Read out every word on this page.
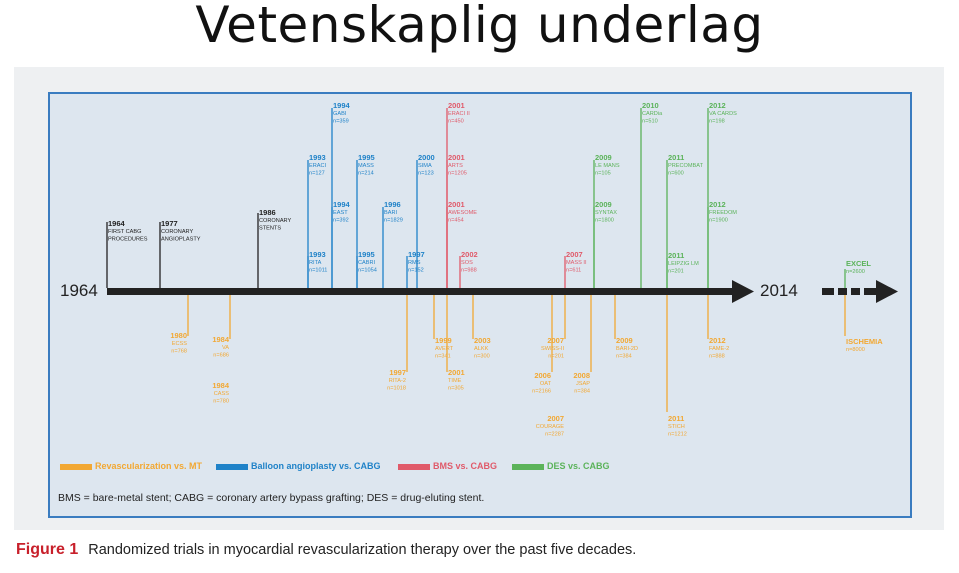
Vetenskaplig underlag
1964
FIRST CABG
PROCEDURES
1977
CORONARY
ANGIOPLASTY
1986
CORONARY
STENTS
1993
ERACI
n=127
1993
RITA
n=1011
1994
GABI
n=359
1994
EAST
n=392
1995
MASS
n=214
1995
CABRI
n=1054
1996
BARI
n=1829
1997
RMS
n=152
2000
SIMA
n=123
2001
ERACI II
n=450
2001
ARTS
n=1205
2001
AWESOME
n=454
2002
SOS
n=988
2007
MASS II
n=611
2009
LE MANS
n=105
2009
SYNTAX
n=1800
2010
CARDia
n=510
2011
PRECOMBAT
n=600
2011
LEIPZIG LM
n=201
2012
VA CARDS
n=198
2012
FREEDOM
n=1900
EXCEL
n=2600
1980
ECSS
n=768
1984
VA
n=686
1984
CASS
n=780
1997
RITA-2
n=1018
1999
AVERT
n=341
2001
TIME
n=305
2003
ALKK
n=300
2007
SWISS-II
n=201
2006
OAT
n=2166
2007
COURAGE
n=2287
2008
JSAP
n=384
2009
BARI-2D
n=384
2011
STICH
n=1212
2012
FAME-2
n=888
ISCHEMIA
n=8000
1964	2014
Revascularization vs. MT	Balloon angioplasty vs. CABG	BMS vs. CABG	DES vs. CABG
BMS = bare-metal stent; CABG = coronary artery bypass grafting; DES = drug-eluting stent.
Figure 1 Randomized trials in myocardial revascularization therapy over the past five decades.
